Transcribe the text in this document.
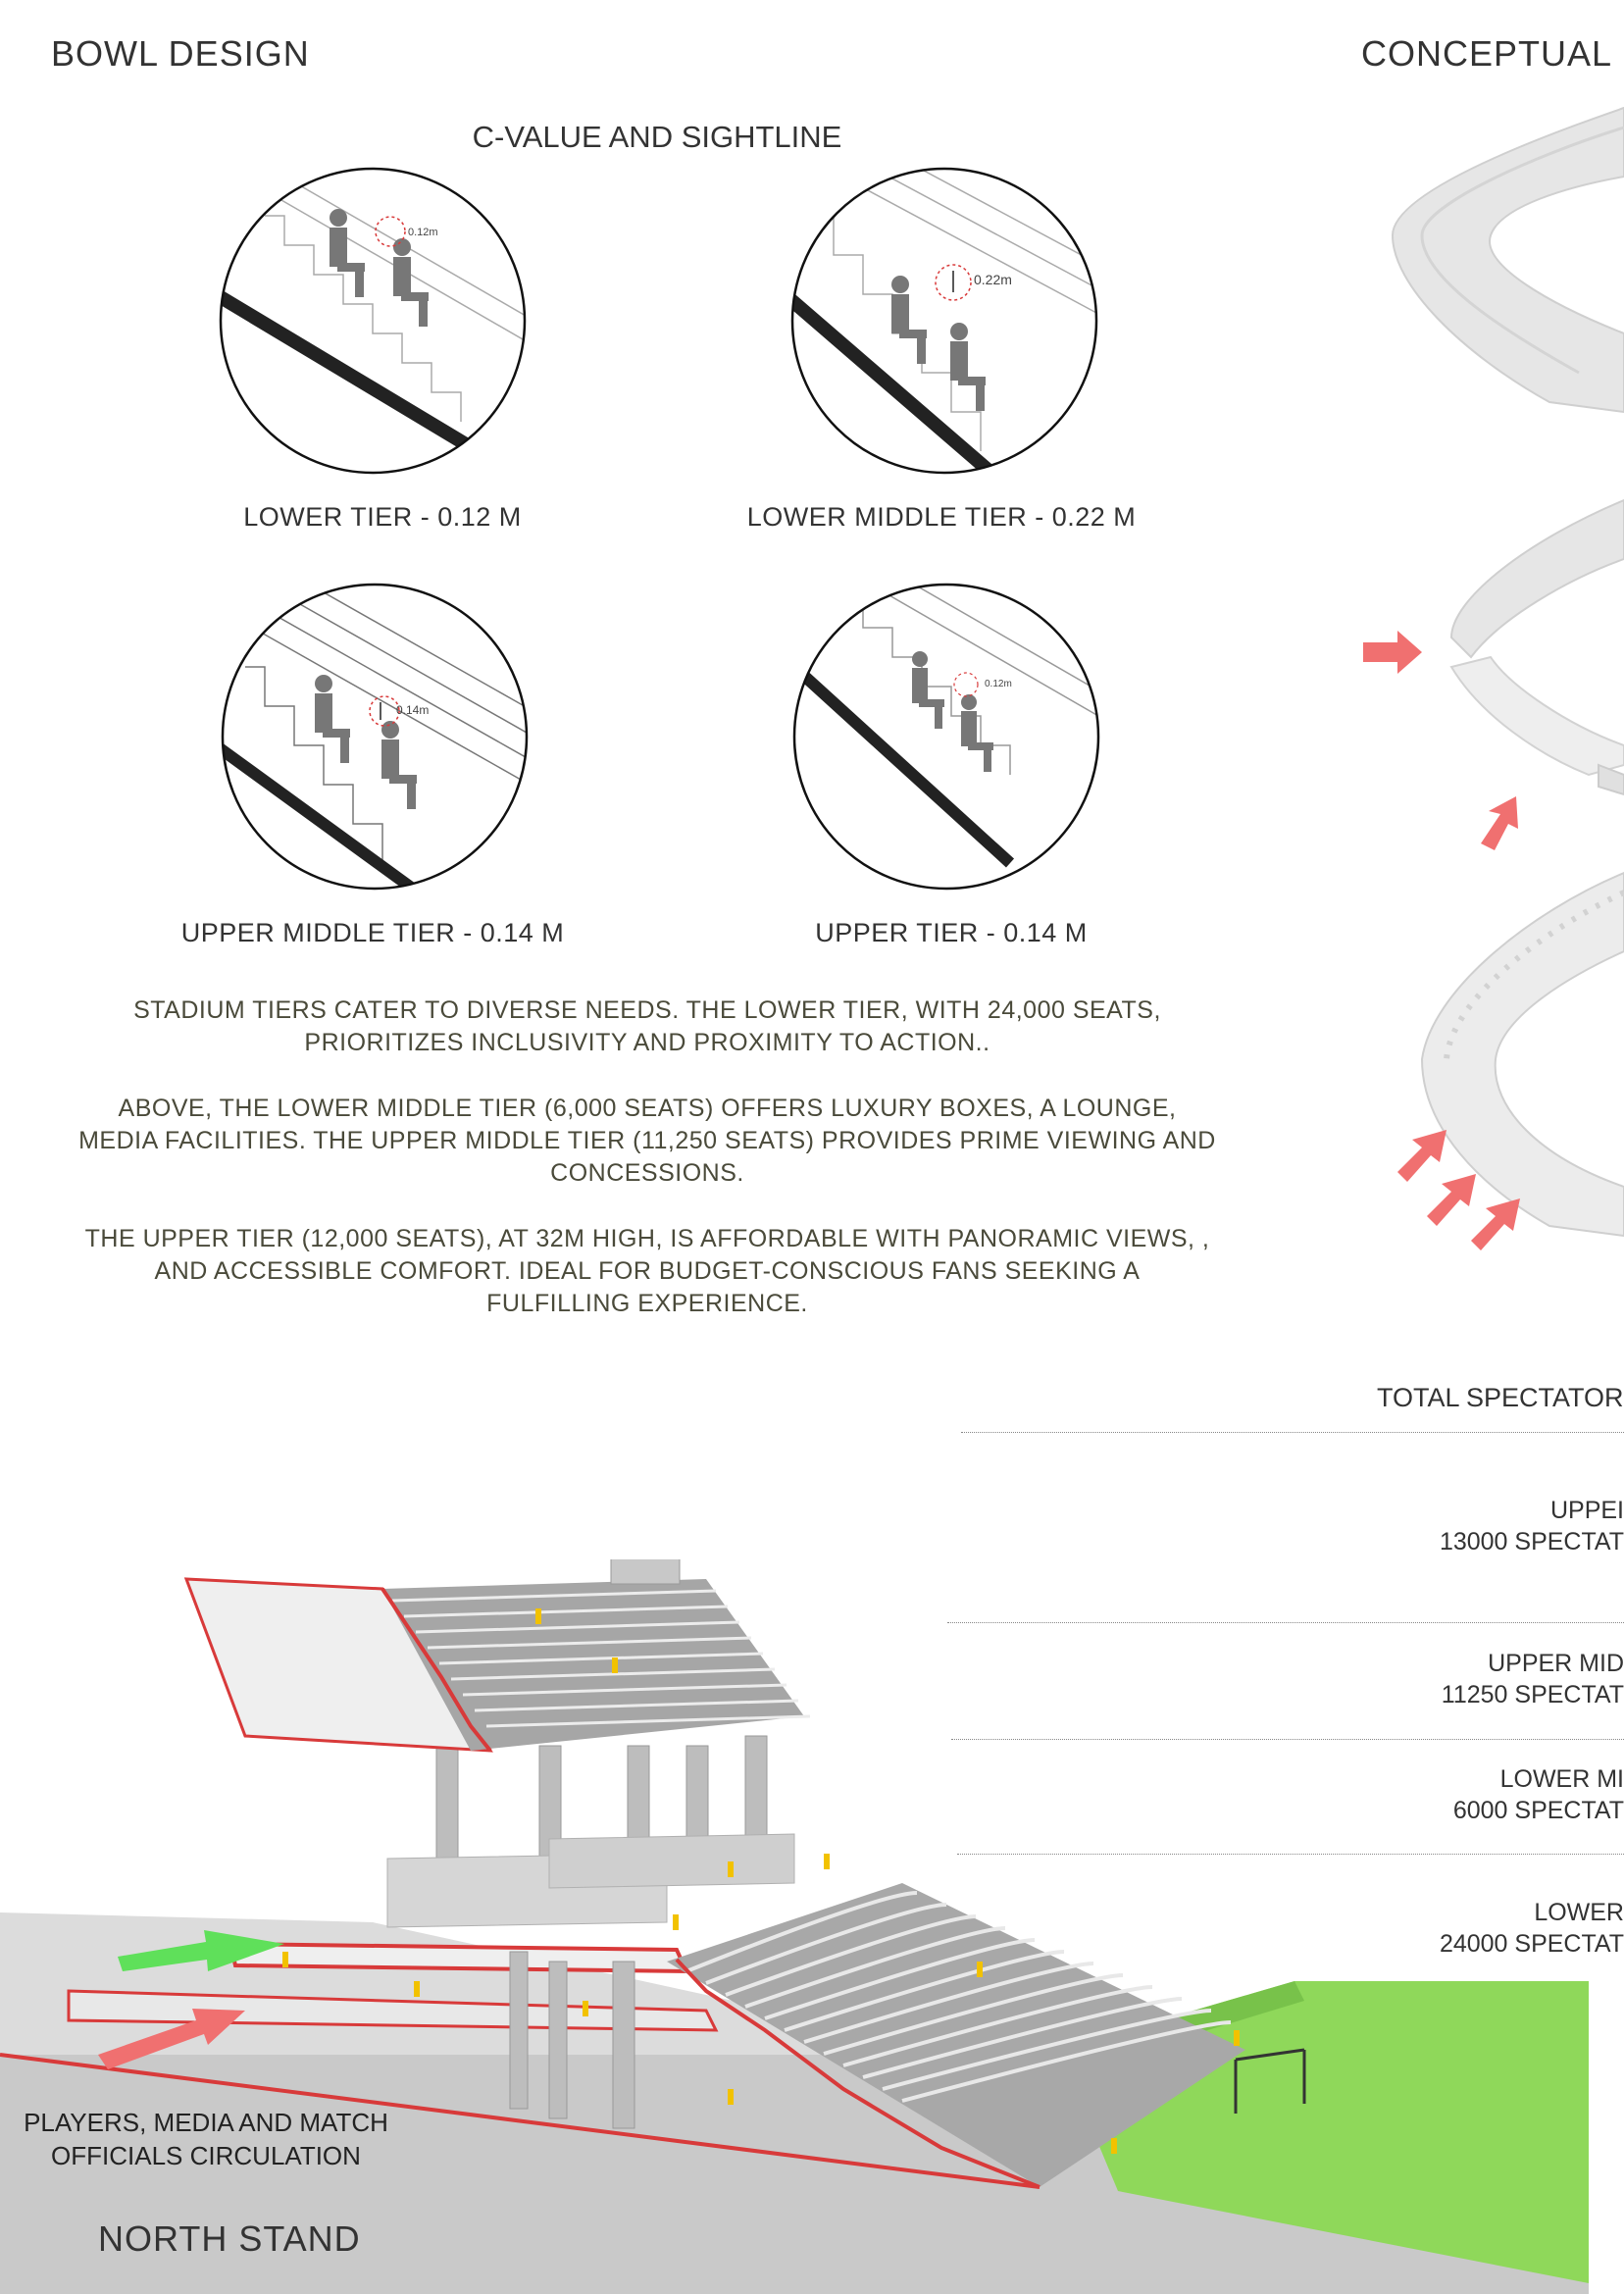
BOWL DESIGN	CONCEPTUAL
C-VALUE AND SIGHTLINE
0.12m
0.22m
0.14m
0.12m
LOWER TIER - 0.12 M	LOWER MIDDLE TIER - 0.22 M
UPPER MIDDLE TIER - 0.14 M	UPPER TIER - 0.14 M
STADIUM TIERS CATER TO DIVERSE NEEDS. THE LOWER TIER, WITH 24,000 SEATS,
PRIORITIZES INCLUSIVITY AND PROXIMITY TO ACTION..
ABOVE, THE LOWER MIDDLE TIER (6,000 SEATS) OFFERS LUXURY BOXES, A LOUNGE,
MEDIA FACILITIES. THE UPPER MIDDLE TIER (11,250 SEATS) PROVIDES PRIME VIEWING AND
CONCESSIONS.
THE UPPER TIER (12,000 SEATS), AT 32M HIGH, IS AFFORDABLE WITH PANORAMIC VIEWS, ,
AND ACCESSIBLE COMFORT. IDEAL FOR BUDGET-CONSCIOUS FANS SEEKING A
FULFILLING EXPERIENCE.
TOTAL SPECTATOR
UPPEI
13000 SPECTAT
UPPER MID
11250 SPECTAT
LOWER MI
6000 SPECTAT
LOWER
24000 SPECTAT
PLAYERS, MEDIA AND MATCH
OFFICIALS CIRCULATION
NORTH STAND
